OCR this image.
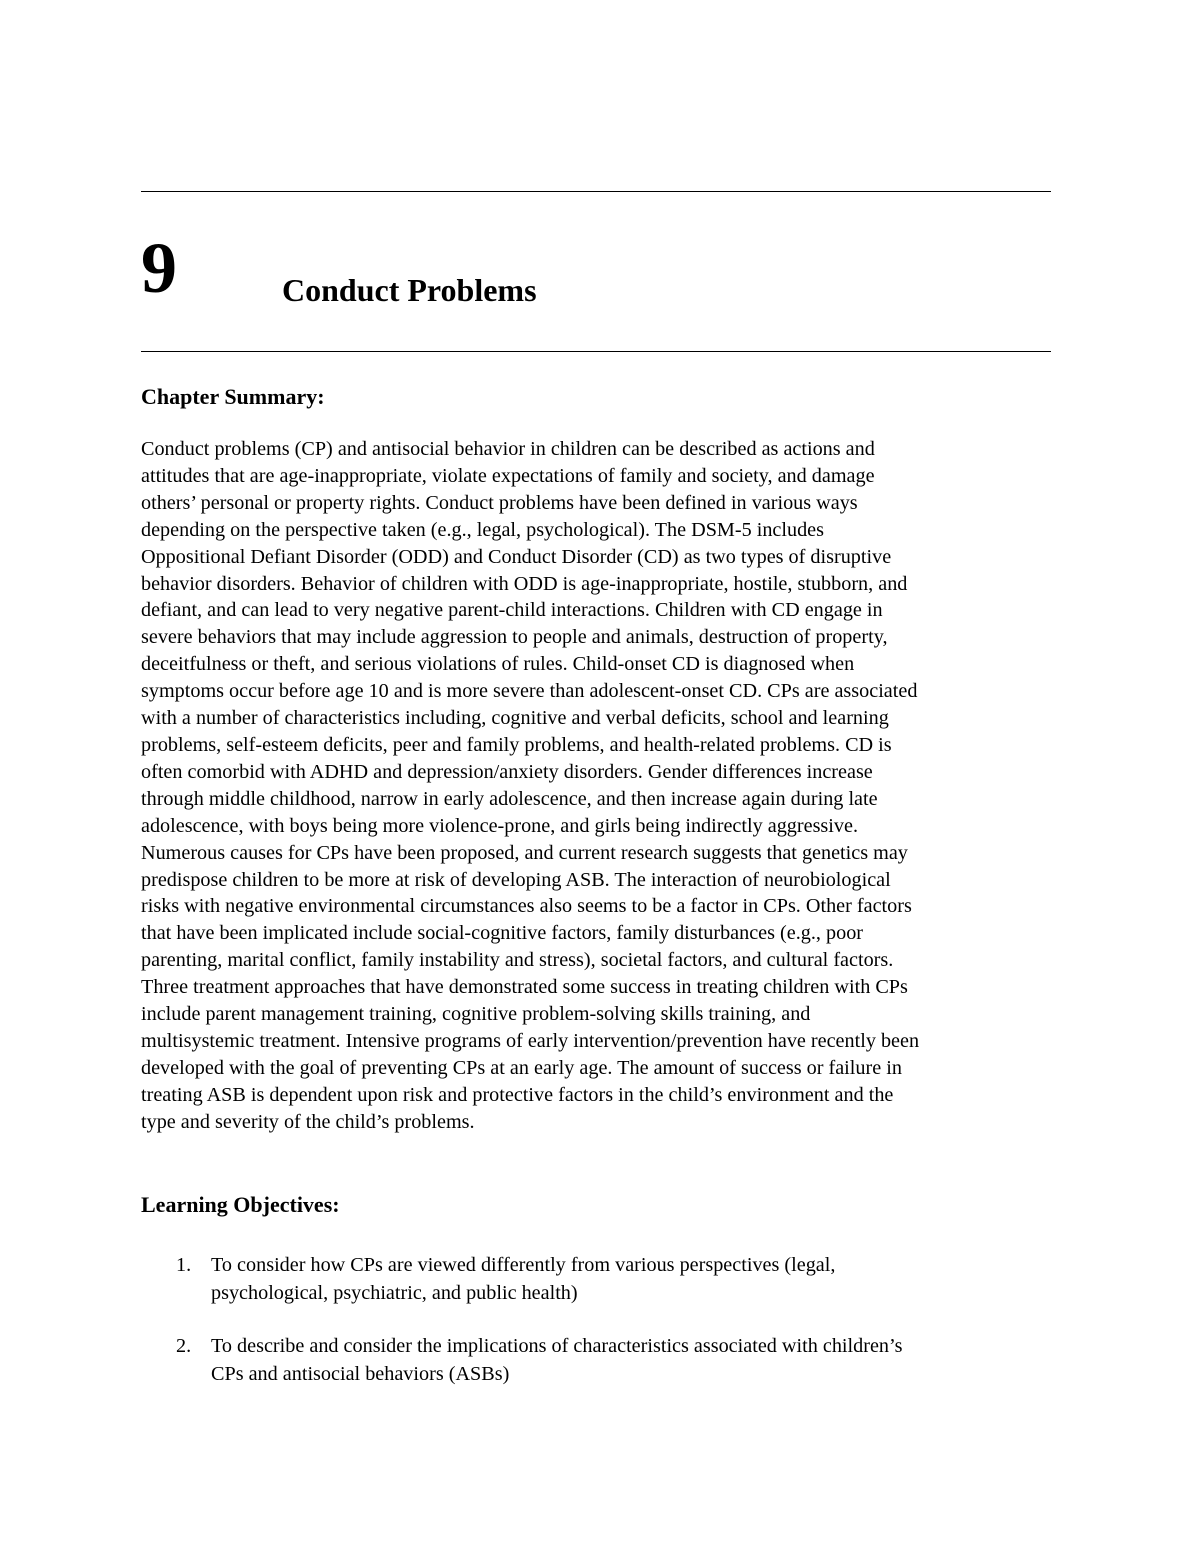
9	Conduct Problems
Chapter Summary:
Conduct problems (CP) and antisocial behavior in children can be described as actions and
attitudes that are age-inappropriate, violate expectations of family and society, and damage
others’ personal or property rights. Conduct problems have been defined in various ways
depending on the perspective taken (e.g., legal, psychological). The DSM-5 includes
Oppositional Defiant Disorder (ODD) and Conduct Disorder (CD) as two types of disruptive
behavior disorders. Behavior of children with ODD is age-inappropriate, hostile, stubborn, and
defiant, and can lead to very negative parent-child interactions. Children with CD engage in
severe behaviors that may include aggression to people and animals, destruction of property,
deceitfulness or theft, and serious violations of rules. Child-onset CD is diagnosed when
symptoms occur before age 10 and is more severe than adolescent-onset CD. CPs are associated
with a number of characteristics including, cognitive and verbal deficits, school and learning
problems, self-esteem deficits, peer and family problems, and health-related problems. CD is
often comorbid with ADHD and depression/anxiety disorders. Gender differences increase
through middle childhood, narrow in early adolescence, and then increase again during late
adolescence, with boys being more violence-prone, and girls being indirectly aggressive.
Numerous causes for CPs have been proposed, and current research suggests that genetics may
predispose children to be more at risk of developing ASB. The interaction of neurobiological
risks with negative environmental circumstances also seems to be a factor in CPs. Other factors
that have been implicated include social-cognitive factors, family disturbances (e.g., poor
parenting, marital conflict, family instability and stress), societal factors, and cultural factors.
Three treatment approaches that have demonstrated some success in treating children with CPs
include parent management training, cognitive problem-solving skills training, and
multisystemic treatment. Intensive programs of early intervention/prevention have recently been
developed with the goal of preventing CPs at an early age. The amount of success or failure in
treating ASB is dependent upon risk and protective factors in the child’s environment and the
type and severity of the child’s problems.
Learning Objectives:
1. To consider how CPs are viewed differently from various perspectives (legal,
psychological, psychiatric, and public health)
2. To describe and consider the implications of characteristics associated with children’s
CPs and antisocial behaviors (ASBs)
